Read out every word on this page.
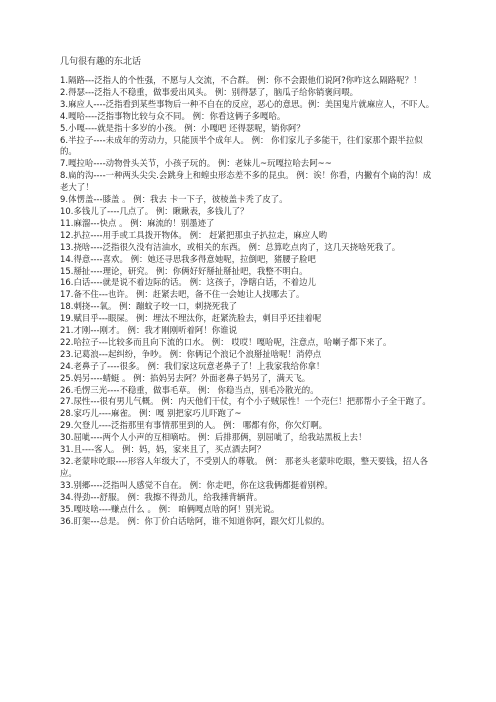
几句很有趣的东北话

1.隔路---泛指人的个性强，不愿与人交流，不合群。 例：你不会跟他们说阿?你咋这么隔路呢？！

2.得瑟---泛指人不稳重，做事爱出风头。 例：别得瑟了，脑瓜子给你销褒问喂。

3.麻应人----泛指看到某些事物后一种不自在的反应，恶心的意思。例：美国鬼片就麻应人，不吓人。

4.嘎哈----泛指事物比较与众不同。 例：你看这俩子多嘎哈。

5.小嘎----就是指十多岁的小孩。 例：小嘎吧 还得瑟呢，销你阿？

6.半拉子----未成年的劳动力，只能顶半个成年人。 例： 你们家儿子多能干，往们家那个跟半拉似的。

7.嘎拉哈----动物骨头关节，小孩子玩的。 例：老妹儿~玩嘎拉哈去阿~~

8.扁的沟----一种两头尖尖.会跳身上和蝗虫形态差不多的昆虫。 例：诶！你看，内撇有个扁的沟！成老大了！

9.体愣盖---膝盖 。 例：我去 卡一下子，彼棱盖卡秃了皮了。

10.多钱儿了----几点了。 例：瞅瞅表，多钱儿了？

11.麻溜---快点 。 例：麻流的！别墨迹了

12.扒拉----用手或工具拨开物体。 例： 赶紧把那虫子扒拉走，麻应人哟

13.挠啥----泛指很久没有洁油水，或相关的东西。 例：总算吃点肉了，这几天挠啥死我了。

14.得意----喜欢。 例：她还寻思我多得意她呢，拉倒吧，猪腰子脸吧

15.掰扯----理论，研究。 例：你俩好好掰扯掰扯吧，我整不明白。

16.白话----就是说不着边际的话。 例：这孩子，净瞎白话，不着边儿

17.备不住---也许。 例：赶紧去吧，备不住一会她让人找哪去了。

18.刺挠---氧。 例：蹦蚊子咬一口，刺挠死我了

19.赋目乎---眼屎。 例：埋汰不埋汰你，赶紧洗脸去，刺目乎还挂着呢

21.才刚---刚才。 例：我才刚刚听着阿！你谁说

22.哈拉子---比较多而且向下流的口水。 例： 哎哎！嘎哈呢，注意点，哈喇子都下来了。

23.记葛浪---起纠纷，争吵。 例：你俩记个浪记个浪掰扯啥呢！消停点

24.老鼻子了----很多。 例：我们家这玩意老鼻子了！上我家我给你拿！

25.妈另----蜻蜓 。 例：掐妈另去阿？外面老鼻子妈另了，满天飞。

26.毛愣三光----不稳重，做事毛草。 例： 你稳当点，别毛冷散光的。

27.尿性---很有男儿气概。 例：内天他们干仗，有个小子贼尿性！一个売仨！把那帮小子全干跑了。

28.家巧儿----麻雀。 例：嘎 别把家巧儿吓跑了~

29.欠登儿----泛指那里有事情那里到的人。 例： 哪都有你，你欠灯啊。

30.屈呲----两个人小声的互相嘀咕。 例：后排那俩，别屈呲了，给我站黑板上去！

31.且----客人。 例：妈，妈，家来且了，买点酒去阿？

32.老蒙咔吃眼----形容人年级大了，不受别人的尊敬。 例： 那老头老蒙咔吃眼，整天要钱，招人各应。

33.别郷----泛指叫人感觉不自在。 例：你走吧，你在这我俩都挺着别榨。

34.得劲---舒服。 例：我擦不得劲儿，给我捶背辆背。

35.嘎吱啥----赚点什么 。 例： 咱俩嘎点啥的阿！别光说。

36.盯架---总是。 例：你丁价白话啥阿，谁不知道你阿，跟欠灯儿似的。
